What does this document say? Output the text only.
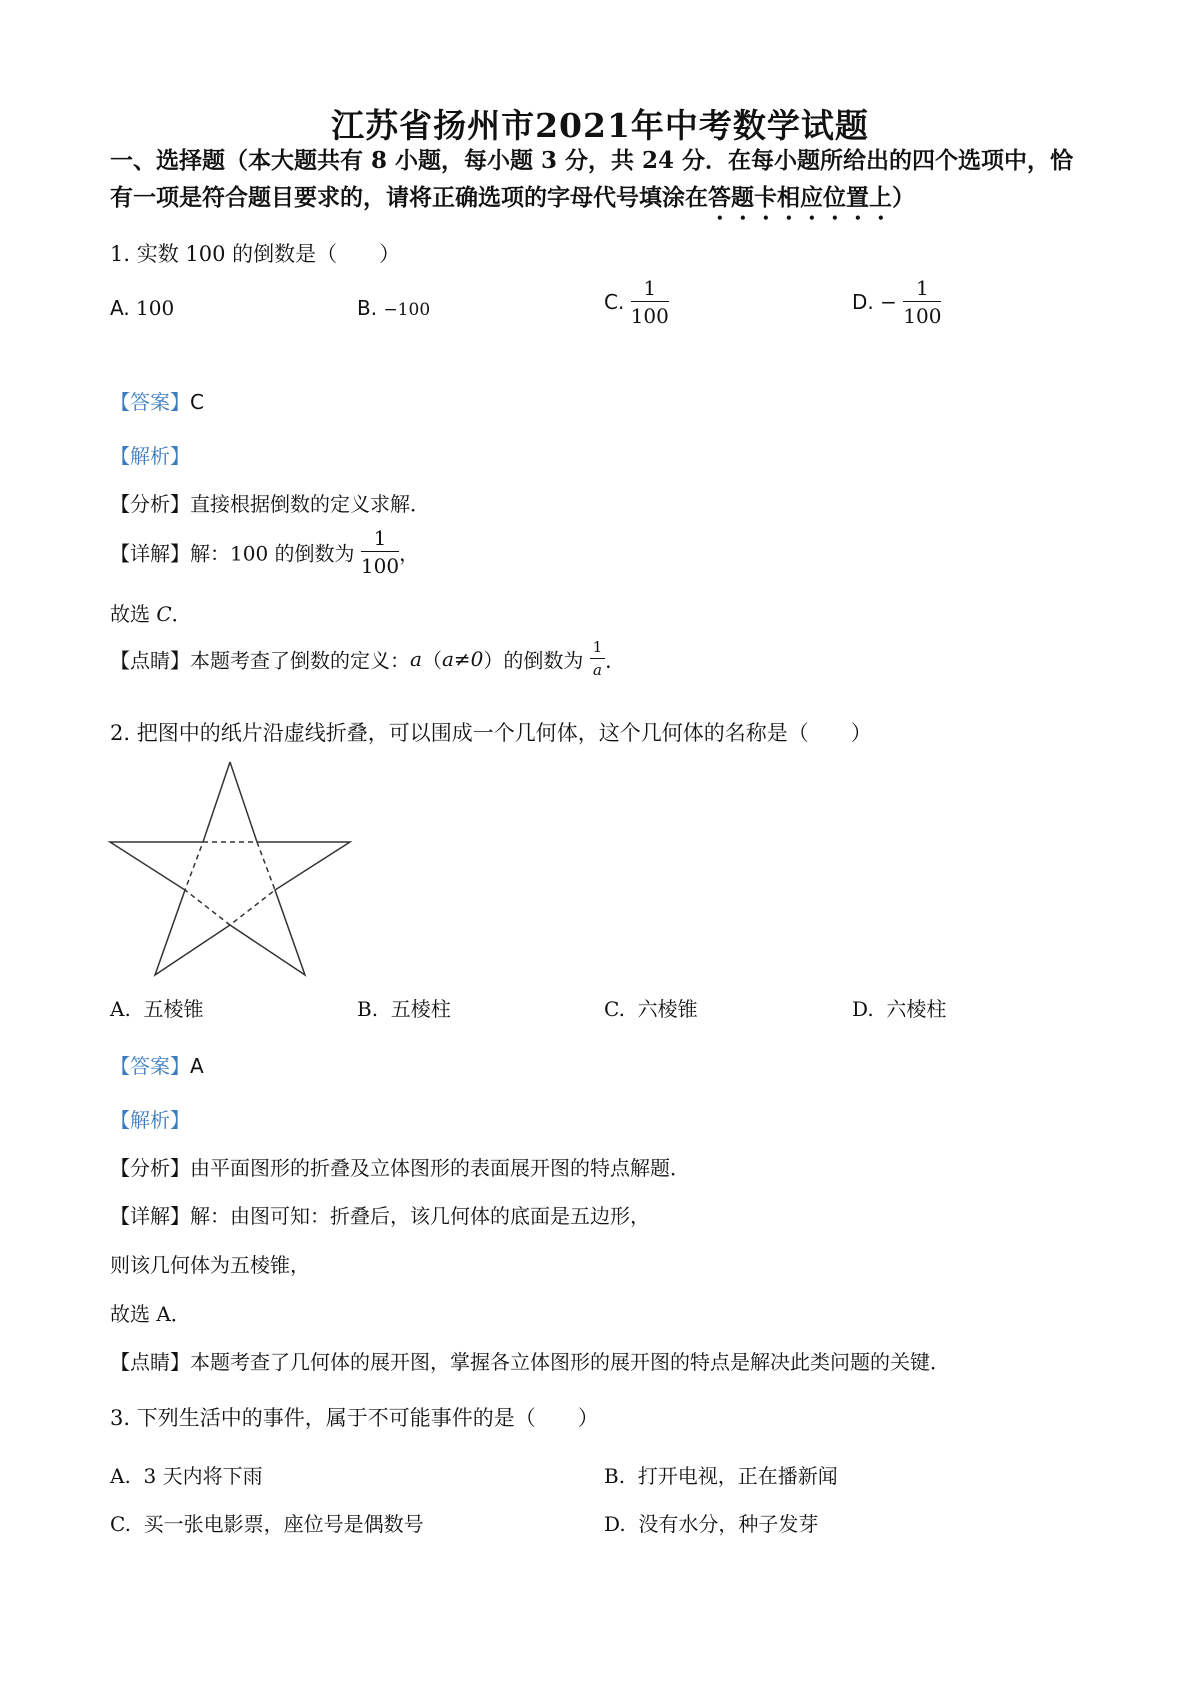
江苏省扬州市2021年中考数学试题
一、选择题（本大题共有 8 小题，每小题 3 分，共 24 分．在每小题所给出的四个选项中，恰
有一项是符合题目要求的，请将正确选项的字母代号填涂在答题卡相应位置上）
1. 实数 100 的倒数是（　　）
A. 100	B. −100	C. $\frac{1}{100}$	D. − $\frac{1}{100}$
【答案】C
【解析】
【分析】直接根据倒数的定义求解．
【详解】解：100 的倒数为 $\frac{1}{100}$ ，
故选 C．
【点睛】本题考查了倒数的定义：a（a≠0）的倒数为 $\frac{1}{a}$ ．
2. 把图中的纸片沿虚线折叠，可以围成一个几何体，这个几何体的名称是（　　）
A. 五棱锥	B. 五棱柱	C. 六棱锥	D. 六棱柱
【答案】A
【解析】
【分析】由平面图形的折叠及立体图形的表面展开图的特点解题．
【详解】解：由图可知：折叠后，该几何体的底面是五边形，
则该几何体为五棱锥，
故选 A．
【点睛】本题考查了几何体的展开图，掌握各立体图形的展开图的特点是解决此类问题的关键．
3. 下列生活中的事件，属于不可能事件的是（　　）
A. 3 天内将下雨	B. 打开电视，正在播新闻
C. 买一张电影票，座位号是偶数号	D. 没有水分，种子发芽
